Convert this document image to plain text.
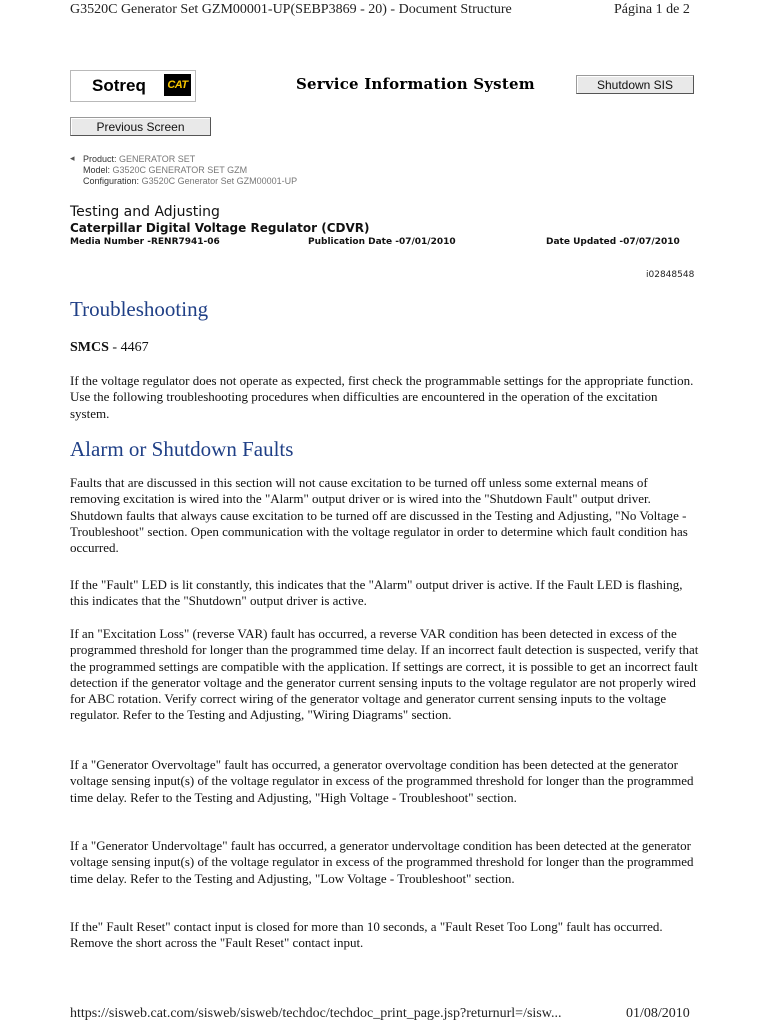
G3520C Generator Set GZM00001-UP(SEBP3869 - 20) - Document Structure	Página 1 de 2
Sotreq	CAT	Service Information System	Shutdown SIS
Previous Screen
◂ Product: GENERATOR SET
Model: G3520C GENERATOR SET GZM
Configuration: G3520C Generator Set GZM00001-UP
Testing and Adjusting
Caterpillar Digital Voltage Regulator (CDVR)
Media Number -RENR7941-06	Publication Date -07/01/2010	Date Updated -07/07/2010
i02848548
Troubleshooting
SMCS - 4467
If the voltage regulator does not operate as expected, first check the programmable settings for the appropriate function. Use the following troubleshooting procedures when difficulties are encountered in the operation of the excitation system.
Alarm or Shutdown Faults
Faults that are discussed in this section will not cause excitation to be turned off unless some external means of removing excitation is wired into the "Alarm" output driver or is wired into the "Shutdown Fault" output driver. Shutdown faults that always cause excitation to be turned off are discussed in the Testing and Adjusting, "No Voltage - Troubleshoot" section. Open communication with the voltage regulator in order to determine which fault condition has occurred.
If the "Fault" LED is lit constantly, this indicates that the "Alarm" output driver is active. If the Fault LED is flashing, this indicates that the "Shutdown" output driver is active.
If an "Excitation Loss" (reverse VAR) fault has occurred, a reverse VAR condition has been detected in excess of the programmed threshold for longer than the programmed time delay. If an incorrect fault detection is suspected, verify that the programmed settings are compatible with the application. If settings are correct, it is possible to get an incorrect fault detection if the generator voltage and the generator current sensing inputs to the voltage regulator are not properly wired for ABC rotation. Verify correct wiring of the generator voltage and generator current sensing inputs to the voltage regulator. Refer to the Testing and Adjusting, "Wiring Diagrams" section.
If a "Generator Overvoltage" fault has occurred, a generator overvoltage condition has been detected at the generator voltage sensing input(s) of the voltage regulator in excess of the programmed threshold for longer than the programmed time delay. Refer to the Testing and Adjusting, "High Voltage - Troubleshoot" section.
If a "Generator Undervoltage" fault has occurred, a generator undervoltage condition has been detected at the generator voltage sensing input(s) of the voltage regulator in excess of the programmed threshold for longer than the programmed time delay. Refer to the Testing and Adjusting, "Low Voltage - Troubleshoot" section.
If the" Fault Reset" contact input is closed for more than 10 seconds, a "Fault Reset Too Long" fault has occurred. Remove the short across the "Fault Reset" contact input.
https://sisweb.cat.com/sisweb/sisweb/techdoc/techdoc_print_page.jsp?returnurl=/sisw...	01/08/2010
